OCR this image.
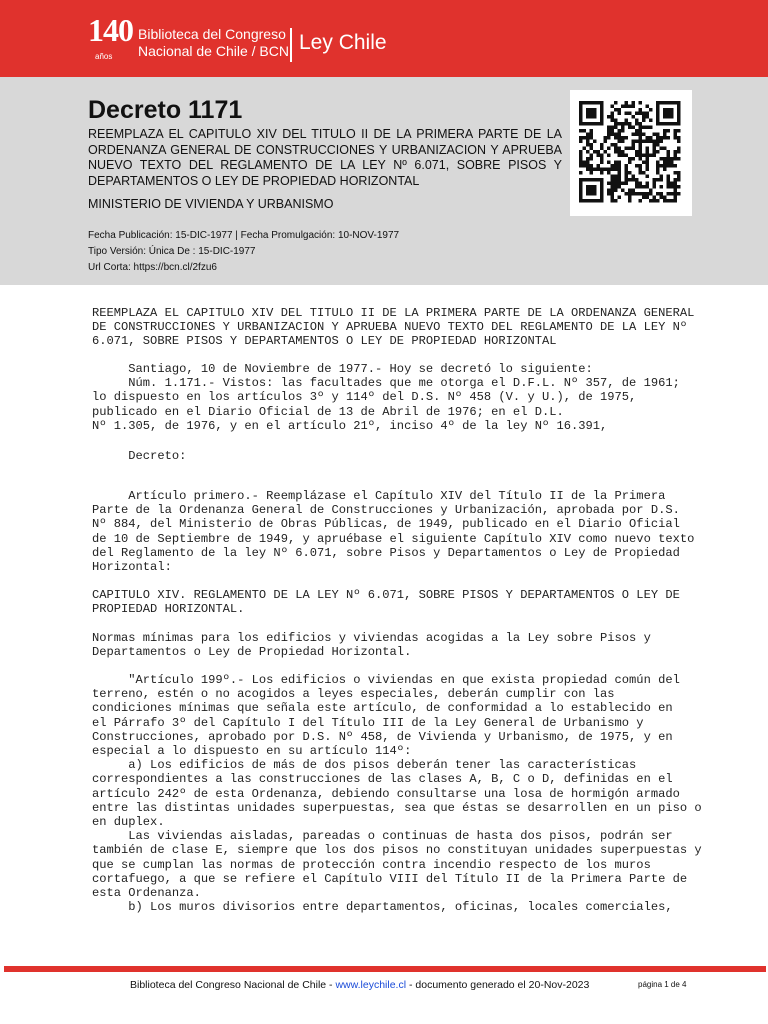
140
años
Biblioteca del Congreso
Nacional de Chile / BCN Ley Chile
Decreto 1171
REEMPLAZA EL CAPITULO XIV DEL TITULO II DE LA PRIMERA PARTE DE LA ORDENANZA GENERAL DE CONSTRUCCIONES Y URBANIZACION Y APRUEBA NUEVO TEXTO DEL REGLAMENTO DE LA LEY Nº 6.071, SOBRE PISOS Y DEPARTAMENTOS O LEY DE PROPIEDAD HORIZONTAL
MINISTERIO DE VIVIENDA Y URBANISMO
Fecha Publicación: 15-DIC-1977 | Fecha Promulgación: 10-NOV-1977
Tipo Versión: Única De : 15-DIC-1977
Url Corta: https://bcn.cl/2fzu6

REEMPLAZA EL CAPITULO XIV DEL TITULO II DE LA PRIMERA PARTE DE LA ORDENANZA GENERAL
DE CONSTRUCCIONES Y URBANIZACION Y APRUEBA NUEVO TEXTO DEL REGLAMENTO DE LA LEY Nº
6.071, SOBRE PISOS Y DEPARTAMENTOS O LEY DE PROPIEDAD HORIZONTAL

Santiago, 10 de Noviembre de 1977.- Hoy se decretó lo siguiente:
Núm. 1.171.- Vistos: las facultades que me otorga el D.F.L. Nº 357, de 1961;
lo dispuesto en los artículos 3º y 114º del D.S. Nº 458 (V. y U.), de 1975,
publicado en el Diario Oficial de 13 de Abril de 1976; en el D.L.
Nº 1.305, de 1976, y en el artículo 21º, inciso 4º de la ley Nº 16.391,

Decreto:

Artículo primero.- Reemplázase el Capítulo XIV del Título II de la Primera
Parte de la Ordenanza General de Construcciones y Urbanización, aprobada por D.S.
Nº 884, del Ministerio de Obras Públicas, de 1949, publicado en el Diario Oficial
de 10 de Septiembre de 1949, y apruébase el siguiente Capítulo XIV como nuevo texto
del Reglamento de la ley Nº 6.071, sobre Pisos y Departamentos o Ley de Propiedad
Horizontal:

CAPITULO XIV. REGLAMENTO DE LA LEY Nº 6.071, SOBRE PISOS Y DEPARTAMENTOS O LEY DE
PROPIEDAD HORIZONTAL.

Normas mínimas para los edificios y viviendas acogidas a la Ley sobre Pisos y
Departamentos o Ley de Propiedad Horizontal.

"Artículo 199º.- Los edificios o viviendas en que exista propiedad común del
terreno, estén o no acogidos a leyes especiales, deberán cumplir con las
condiciones mínimas que señala este artículo, de conformidad a lo establecido en
el Párrafo 3º del Capítulo I del Título III de la Ley General de Urbanismo y
Construcciones, aprobado por D.S. Nº 458, de Vivienda y Urbanismo, de 1975, y en
especial a lo dispuesto en su artículo 114º:
a) Los edificios de más de dos pisos deberán tener las características
correspondientes a las construcciones de las clases A, B, C o D, definidas en el
artículo 242º de esta Ordenanza, debiendo consultarse una losa de hormigón armado
entre las distintas unidades superpuestas, sea que éstas se desarrollen en un piso o
en duplex.
Las viviendas aisladas, pareadas o continuas de hasta dos pisos, podrán ser
también de clase E, siempre que los dos pisos no constituyan unidades superpuestas y
que se cumplan las normas de protección contra incendio respecto de los muros
cortafuego, a que se refiere el Capítulo VIII del Título II de la Primera Parte de
esta Ordenanza.
b) Los muros divisorios entre departamentos, oficinas, locales comerciales,

Biblioteca del Congreso Nacional de Chile - www.leychile.cl - documento generado el 20-Nov-2023	página 1 de 4
